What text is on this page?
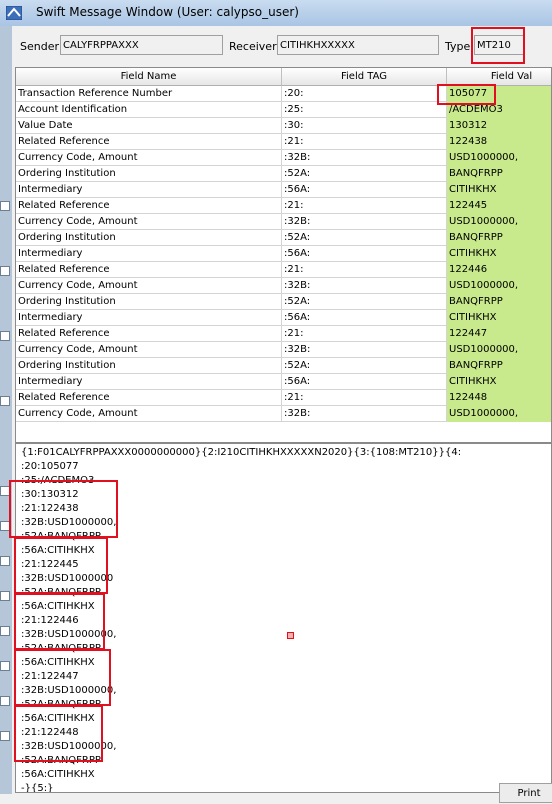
Swift Message Window (User: calypso_user)
Sender CALYFRPPAXXX	Receiver CITIHKHXXXXX	Type MT210
Field Name	Field TAG	Field Val
Transaction Reference Number	:20:	105077
Account Identification	:25:	/ACDEMO3
Value Date	:30:	130312
Related Reference	:21:	122438
Currency Code, Amount	:32B:	USD1000000,
Ordering Institution	:52A:	BANQFRPP
Intermediary	:56A:	CITIHKHX
Related Reference	:21:	122445
Currency Code, Amount	:32B:	USD1000000,
Ordering Institution	:52A:	BANQFRPP
Intermediary	:56A:	CITIHKHX
Related Reference	:21:	122446
Currency Code, Amount	:32B:	USD1000000,
Ordering Institution	:52A:	BANQFRPP
Intermediary	:56A:	CITIHKHX
Related Reference	:21:	122447
Currency Code, Amount	:32B:	USD1000000,
Ordering Institution	:52A:	BANQFRPP
Intermediary	:56A:	CITIHKHX
Related Reference	:21:	122448
Currency Code, Amount	:32B:	USD1000000,
{1:F01CALYFRPPAXXX0000000000}{2:I210CITIHKHXXXXXN2020}{3:{108:MT210}}{4:
:20:105077
:25:/ACDEMO3
:30:130312
:21:122438
:32B:USD1000000,
:52A:BANQFRPP
:56A:CITIHKHX
:21:122445
:32B:USD1000000
:52A:BANQFRPP
:56A:CITIHKHX
:21:122446
:32B:USD1000000,
:52A:BANQFRPP
:56A:CITIHKHX
:21:122447
:32B:USD1000000,
:52A:BANQFRPP
:56A:CITIHKHX
:21:122448
:32B:USD1000000,
:52A:BANQFRPP
:56A:CITIHKHX
-}{5:}	Print
